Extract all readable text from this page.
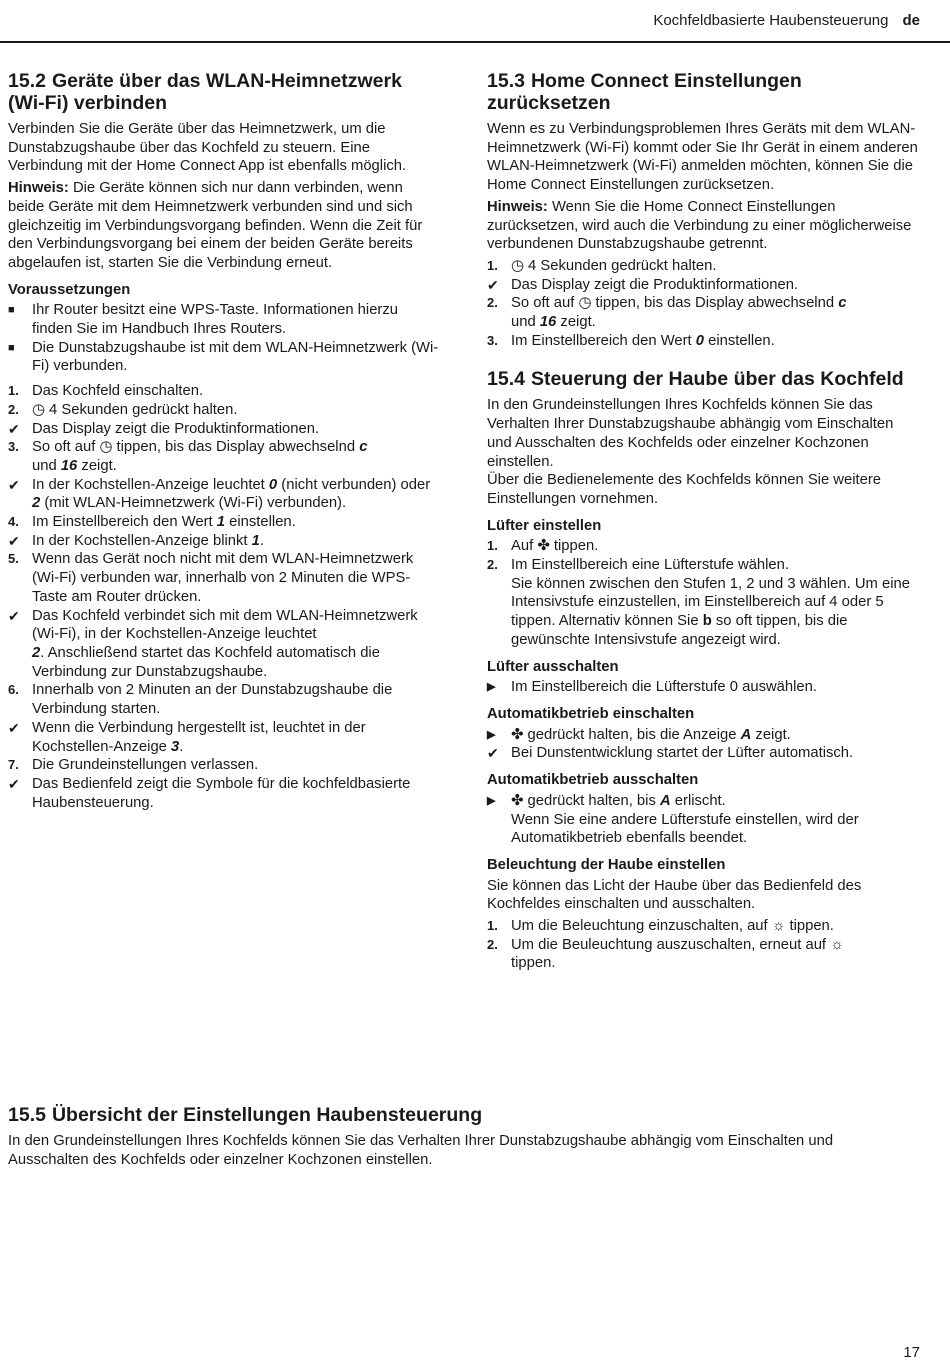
Kochfeldbasierte Haubensteuerung de
15.2 Geräte über das WLAN-Heimnetzwerk (Wi-Fi) verbinden

Verbinden Sie die Geräte über das Heimnetzwerk, um die Dunstabzugshaube über das Kochfeld zu steuern. Eine Verbindung mit der Home Connect App ist ebenfalls möglich.

Hinweis: Die Geräte können sich nur dann verbinden, wenn beide Geräte mit dem Heimnetzwerk verbunden sind und sich gleichzeitig im Verbindungsvorgang befinden. Wenn die Zeit für den Verbindungsvorgang bei einem der beiden Geräte bereits abgelaufen ist, starten Sie die Verbindung erneut.

Voraussetzungen
■	Ihr Router besitzt eine WPS-Taste. Informationen hierzu finden Sie im Handbuch Ihres Routers.
■	Die Dunstabzugshaube ist mit dem WLAN-Heimnetzwerk (Wi-Fi) verbunden.
1. Das Kochfeld einschalten.
2. ◷ 4 Sekunden gedrückt halten.
✔ Das Display zeigt die Produktinformationen.
3. So oft auf ◷ tippen, bis das Display abwechselnd c
und 16 zeigt.
✔ In der Kochstellen-Anzeige leuchtet 0 (nicht verbunden) oder 2 (mit WLAN-Heimnetzwerk (Wi-Fi) verbunden).
4. Im Einstellbereich den Wert 1 einstellen.
✔ In der Kochstellen-Anzeige blinkt 1.
5. Wenn das Gerät noch nicht mit dem WLAN-Heimnetzwerk (Wi-Fi) verbunden war, innerhalb von 2 Minuten die WPS-Taste am Router drücken.
✔ Das Kochfeld verbindet sich mit dem WLAN-Heimnetzwerk (Wi-Fi), in der Kochstellen-Anzeige leuchtet
2. Anschließend startet das Kochfeld automatisch die Verbindung zur Dunstabzugshaube.
6. Innerhalb von 2 Minuten an der Dunstabzugshaube die Verbindung starten.
✔ Wenn die Verbindung hergestellt ist, leuchtet in der Kochstellen-Anzeige 3.
7. Die Grundeinstellungen verlassen.
✔ Das Bedienfeld zeigt die Symbole für die kochfeldbasierte Haubensteuerung.
15.3 Home Connect Einstellungen zurücksetzen

Wenn es zu Verbindungsproblemen Ihres Geräts mit dem WLAN-Heimnetzwerk (Wi-Fi) kommt oder Sie Ihr Gerät in einem anderen WLAN-Heimnetzwerk (Wi-Fi) anmelden möchten, können Sie die Home Connect Einstellungen zurücksetzen.

Hinweis: Wenn Sie die Home Connect Einstellungen zurücksetzen, wird auch die Verbindung zu einer möglicherweise verbundenen Dunstabzugshaube getrennt.

1. ◷ 4 Sekunden gedrückt halten.
✔ Das Display zeigt die Produktinformationen.
2. So oft auf ◷ tippen, bis das Display abwechselnd c
und 16 zeigt.
3. Im Einstellbereich den Wert 0 einstellen.
15.4 Steuerung der Haube über das Kochfeld

In den Grundeinstellungen Ihres Kochfelds können Sie das Verhalten Ihrer Dunstabzugshaube abhängig vom Einschalten und Ausschalten des Kochfelds oder einzelner Kochzonen einstellen.
Über die Bedienelemente des Kochfelds können Sie weitere Einstellungen vornehmen.

Lüfter einstellen
1. Auf ✤ tippen.
2. Im Einstellbereich eine Lüfterstufe wählen.
Sie können zwischen den Stufen 1, 2 und 3 wählen. Um eine Intensivstufe einzustellen, im Einstellbereich auf 4 oder 5 tippen. Alternativ können Sie b so oft tippen, bis die gewünschte Intensivstufe angezeigt wird.
Lüfter ausschalten
▶	Im Einstellbereich die Lüfterstufe 0 auswählen.
Automatikbetrieb einschalten
▶	✤ gedrückt halten, bis die Anzeige A zeigt.
✔ Bei Dunstentwicklung startet der Lüfter automatisch.
Automatikbetrieb ausschalten
▶	✤ gedrückt halten, bis A erlischt.
Wenn Sie eine andere Lüfterstufe einstellen, wird der Automatikbetrieb ebenfalls beendet.
Beleuchtung der Haube einstellen

Sie können das Licht der Haube über das Bedienfeld des Kochfeldes einschalten und ausschalten.

1. Um die Beleuchtung einzuschalten, auf ☼ tippen.
2. Um die Beuleuchtung auszuschalten, erneut auf ☼
tippen.
15.5 Übersicht der Einstellungen Haubensteuerung

In den Grundeinstellungen Ihres Kochfelds können Sie das Verhalten Ihrer Dunstabzugshaube abhängig vom Einschalten und Ausschalten des Kochfelds oder einzelner Kochzonen einstellen.

17
